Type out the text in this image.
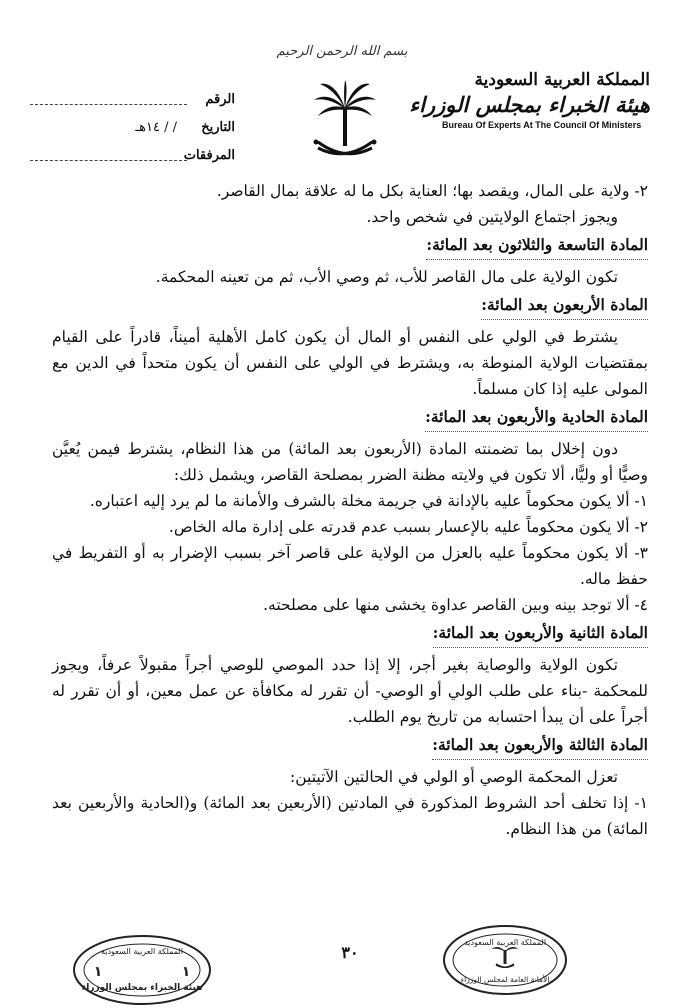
بسم الله الرحمن الرحيم
المملكة العربية السعودية
هيئة الخبراء بمجلس الوزراء
Bureau Of Experts At The Council Of Ministers
الرقم
التاريخ
/ / ١٤هـ
المرفقات

٢- ولاية على المال، ويقصد بها؛ العناية بكل ما له علاقة بمال القاصر.

ويجوز اجتماع الولايتين في شخص واحد.

المادة التاسعة والثلاثون بعد المائة:

تكون الولاية على مال القاصر للأب، ثم وصي الأب، ثم من تعينه المحكمة.

المادة الأربعون بعد المائة:

يشترط في الولي على النفس أو المال أن يكون كامل الأهلية أميناً، قادراً على القيام بمقتضيات الولاية المنوطة به، ويشترط في الولي على النفس أن يكون متحداً في الدين مع المولى عليه إذا كان مسلماً.

المادة الحادية والأربعون بعد المائة:

دون إخلال بما تضمنته المادة (الأربعون بعد المائة) من هذا النظام، يشترط فيمن يُعيَّن وصيًّا أو وليًّا، ألا تكون في ولايته مظنة الضرر بمصلحة القاصر، ويشمل ذلك:

١- ألا يكون محكوماً عليه بالإدانة في جريمة مخلة بالشرف والأمانة ما لم يرد إليه اعتباره.

٢- ألا يكون محكوماً عليه بالإعسار بسبب عدم قدرته على إدارة ماله الخاص.

٣- ألا يكون محكوماً عليه بالعزل من الولاية على قاصر آخر بسبب الإضرار به أو التفريط في حفظ ماله.

٤- ألا توجد بينه وبين القاصر عداوة يخشى منها على مصلحته.

المادة الثانية والأربعون بعد المائة:

تكون الولاية والوصاية بغير أجر، إلا إذا حدد الموصي للوصي أجراً مقبولاً عرفاً، ويجوز للمحكمة -بناء على طلب الولي أو الوصي- أن تقرر له مكافأة عن عمل معين، أو أن تقرر له أجراً على أن يبدأ احتسابه من تاريخ يوم الطلب.

المادة الثالثة والأربعون بعد المائة:

تعزل المحكمة الوصي أو الولي في الحالتين الآتيتين:

١- إذا تخلف أحد الشروط المذكورة في المادتين (الأربعين بعد المائة) و(الحادية والأربعين بعد المائة) من هذا النظام.

٣٠
المملكة العربية السعودية
هيئة الخبراء بمجلس الوزراء
١	١
المملكة العربية السعودية
الأمانة العامة لمجلس الوزراء
